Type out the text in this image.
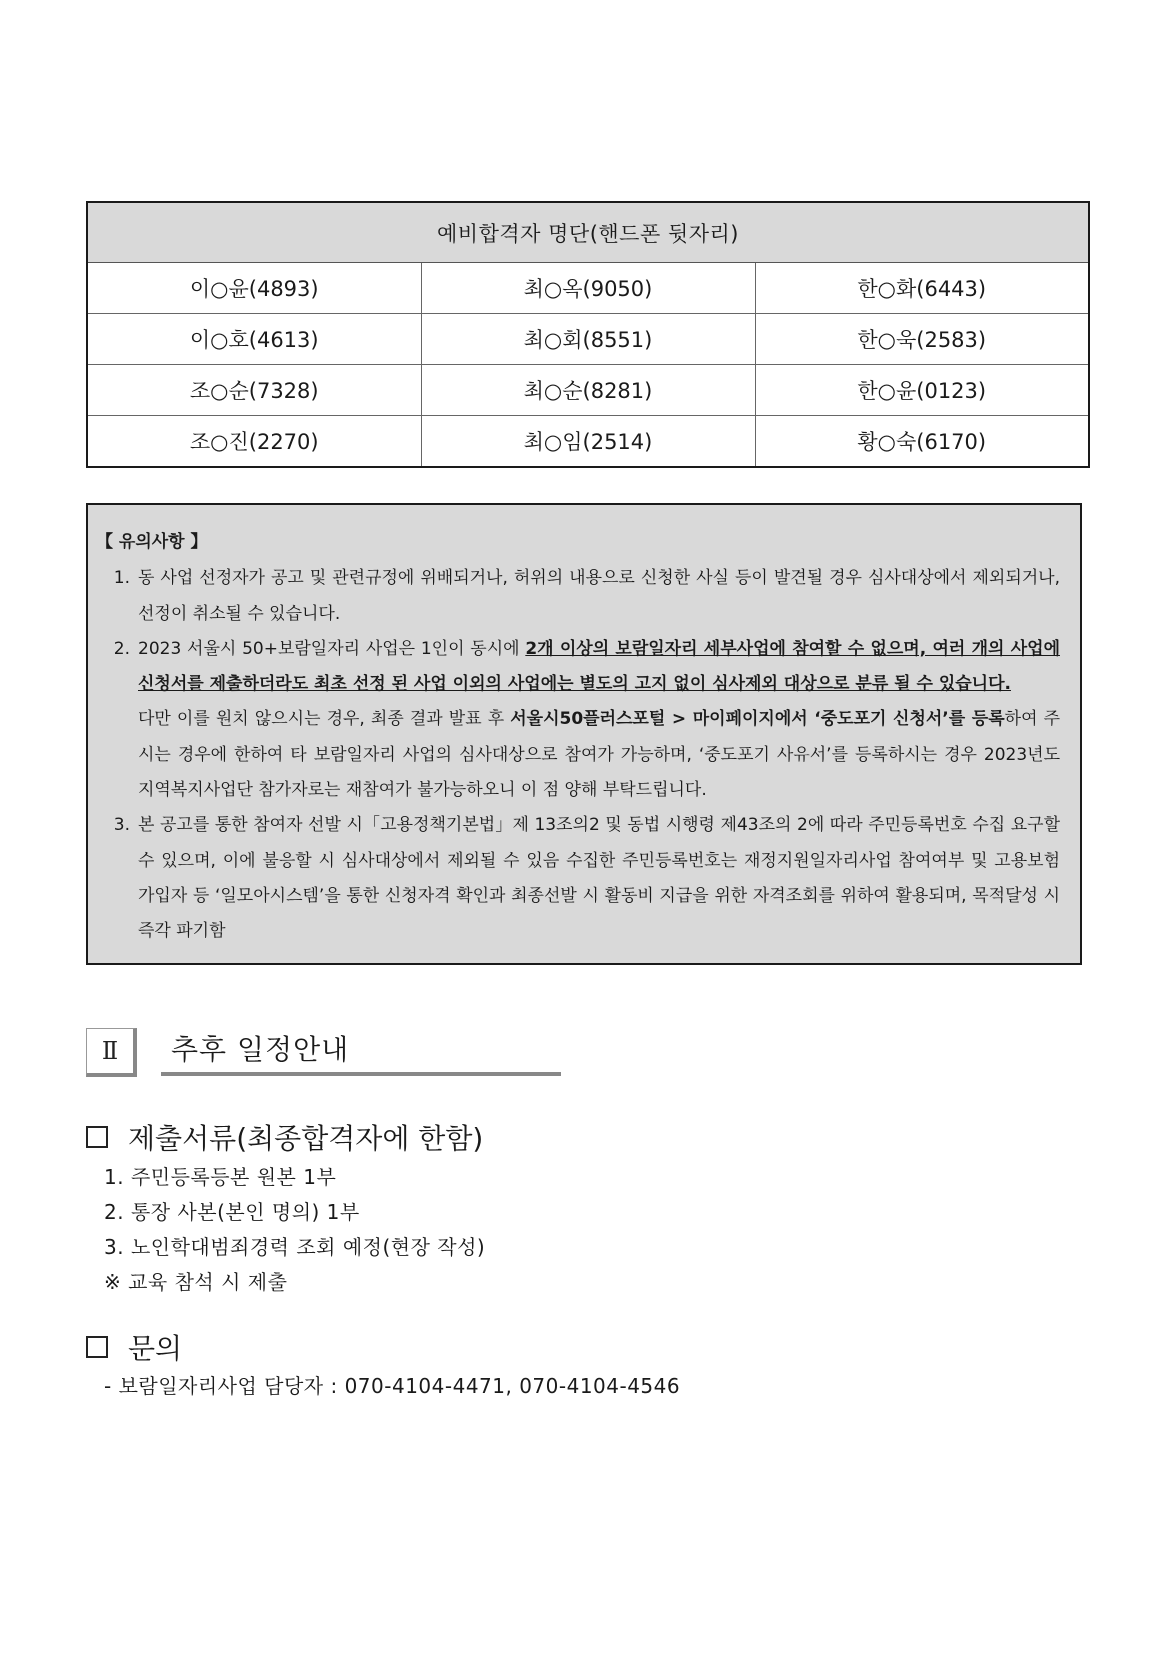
예비합격자 명단(핸드폰 뒷자리)		
이○윤(4893)	최○옥(9050)	한○화(6443)
이○호(4613)	최○회(8551)	한○욱(2583)
조○순(7328)	최○순(8281)	한○윤(0123)
조○진(2270)	최○임(2514)	황○숙(6170)
【 유의사항 】
1. 동 사업 선정자가 공고 및 관련규정에 위배되거나, 허위의 내용으로 신청한 사실 등이 발견될 경우 심사대상에서 제외되거나, 선정이 취소될 수 있습니다.
2. 2023 서울시 50+보람일자리 사업은 1인이 동시에 2개 이상의 보람일자리 세부사업에 참여할 수 없으며, 여러 개의 사업에 신청서를 제출하더라도 최초 선정 된 사업 이외의 사업에는 별도의 고지 없이 심사제외 대상으로 분류 될 수 있습니다.

다만 이를 원치 않으시는 경우, 최종 결과 발표 후 서울시50플러스포털 > 마이페이지에서 ‘중도포기 신청서’를 등록하여 주시는 경우에 한하여 타 보람일자리 사업의 심사대상으로 참여가 가능하며, ‘중도포기 사유서’를 등록하시는 경우 2023년도 지역복지사업단 참가자로는 재참여가 불가능하오니 이 점 양해 부탁드립니다.

3. 본 공고를 통한 참여자 선발 시「고용정책기본법」제 13조의2 및 동법 시행령 제43조의 2에 따라 주민등록번호 수집 요구할 수 있으며, 이에 불응할 시 심사대상에서 제외될 수 있음 수집한 주민등록번호는 재정지원일자리사업 참여여부 및 고용보험 가입자 등 ‘일모아시스템’을 통한 신청자격 확인과 최종선발 시 활동비 지급을 위한 자격조회를 위하여 활용되며, 목적달성 시 즉각 파기함
Ⅱ	추후 일정안내
제출서류(최종합격자에 한함)
1. 주민등록등본 원본 1부
2. 통장 사본(본인 명의) 1부
3. 노인학대범죄경력 조회 예정(현장 작성)
※ 교육 참석 시 제출
문의
- 보람일자리사업 담당자 : 070-4104-4471, 070-4104-4546
